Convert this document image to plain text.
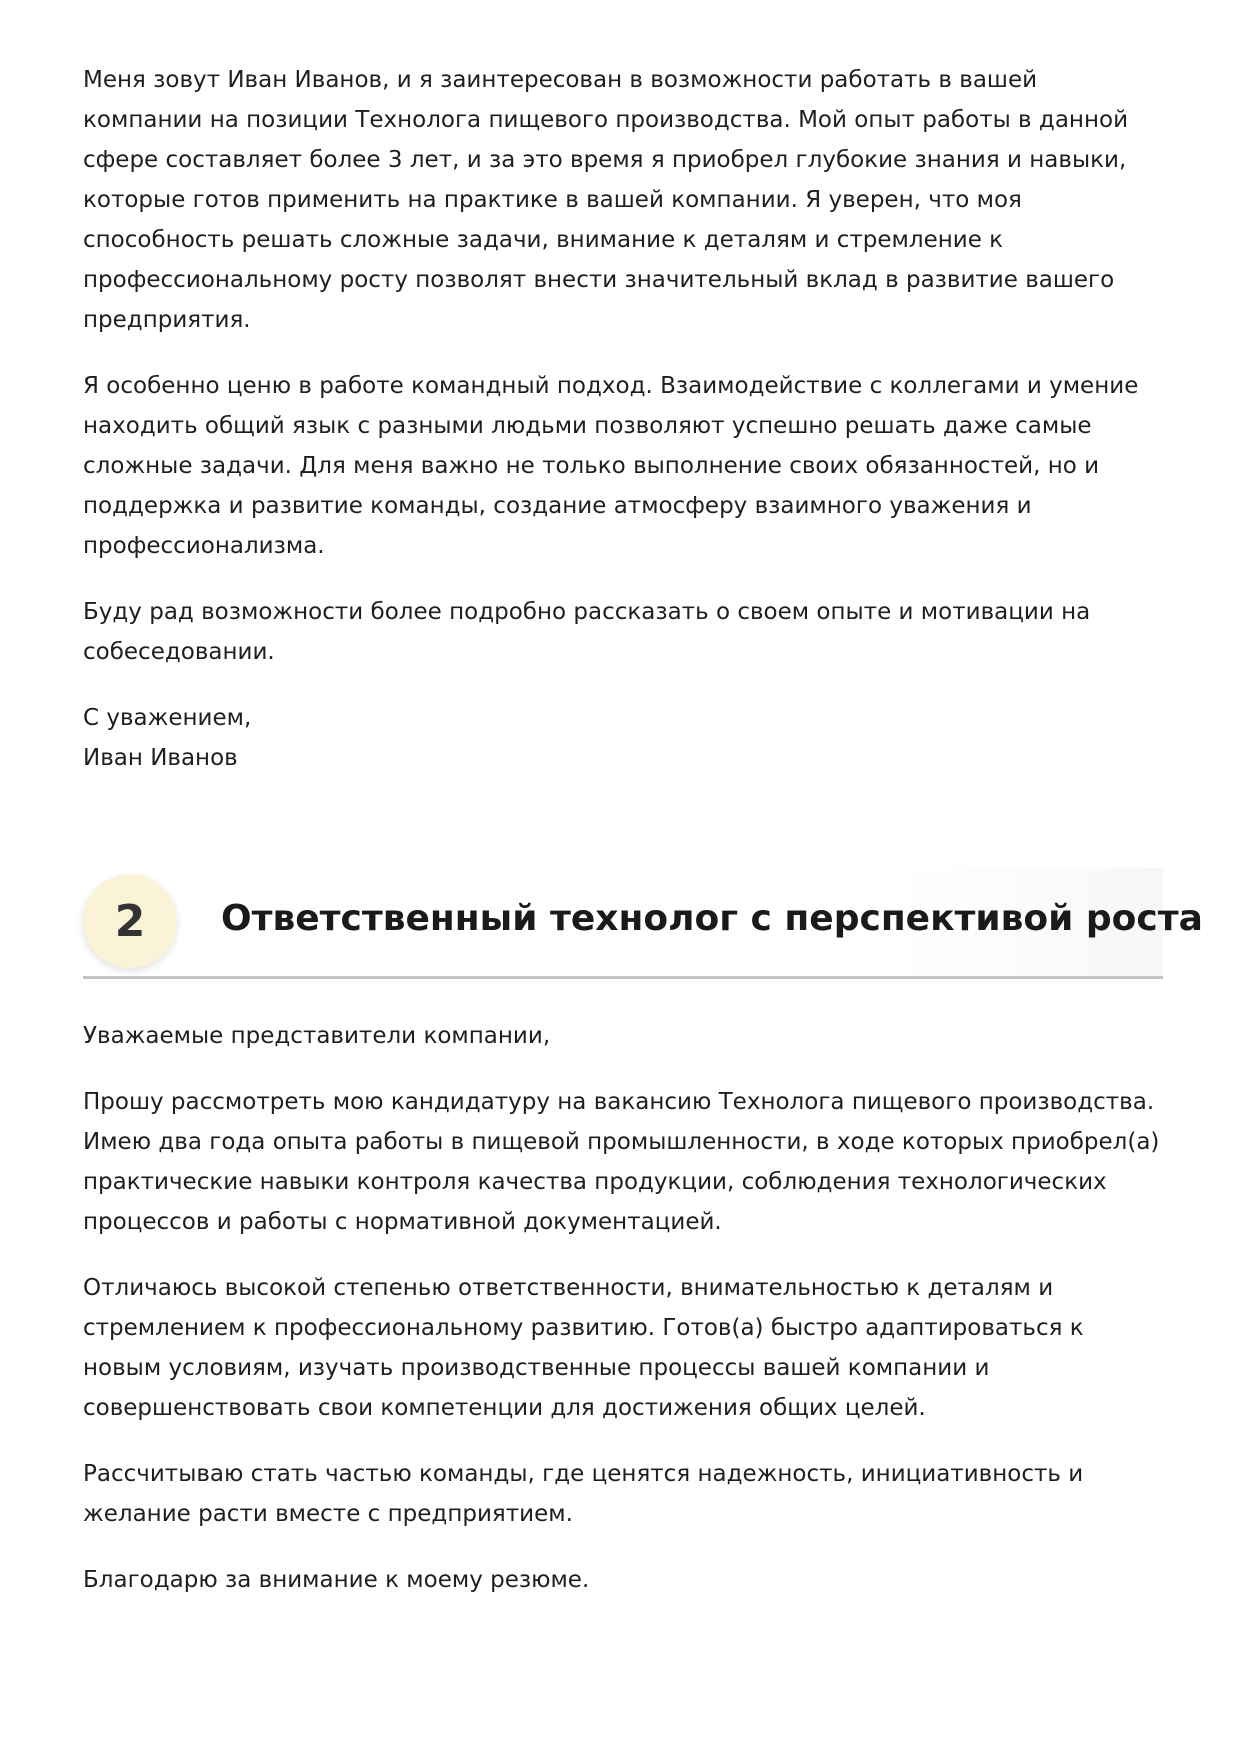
Меня зовут Иван Иванов, и я заинтересован в возможности работать в вашей компании на позиции Технолога пищевого производства. Мой опыт работы в данной сфере составляет более 3 лет, и за это время я приобрел глубокие знания и навыки, которые готов применить на практике в вашей компании. Я уверен, что моя способность решать сложные задачи, внимание к деталям и стремление к профессиональному росту позволят внести значительный вклад в развитие вашего предприятия.

Я особенно ценю в работе командный подход. Взаимодействие с коллегами и умение находить общий язык с разными людьми позволяют успешно решать даже самые сложные задачи. Для меня важно не только выполнение своих обязанностей, но и поддержка и развитие команды, создание атмосферу взаимного уважения и профессионализма.

Буду рад возможности более подробно рассказать о своем опыте и мотивации на собеседовании.

С уважением,

Иван Иванов

2	Ответственный технолог с перспективой роста

Уважаемые представители компании,

Прошу рассмотреть мою кандидатуру на вакансию Технолога пищевого производства. Имею два года опыта работы в пищевой промышленности, в ходе которых приобрел(а) практические навыки контроля качества продукции, соблюдения технологических процессов и работы с нормативной документацией.

Отличаюсь высокой степенью ответственности, внимательностью к деталям и стремлением к профессиональному развитию. Готов(а) быстро адаптироваться к новым условиям, изучать производственные процессы вашей компании и совершенствовать свои компетенции для достижения общих целей.

Рассчитываю стать частью команды, где ценятся надежность, инициативность и желание расти вместе с предприятием.

Благодарю за внимание к моему резюме.
